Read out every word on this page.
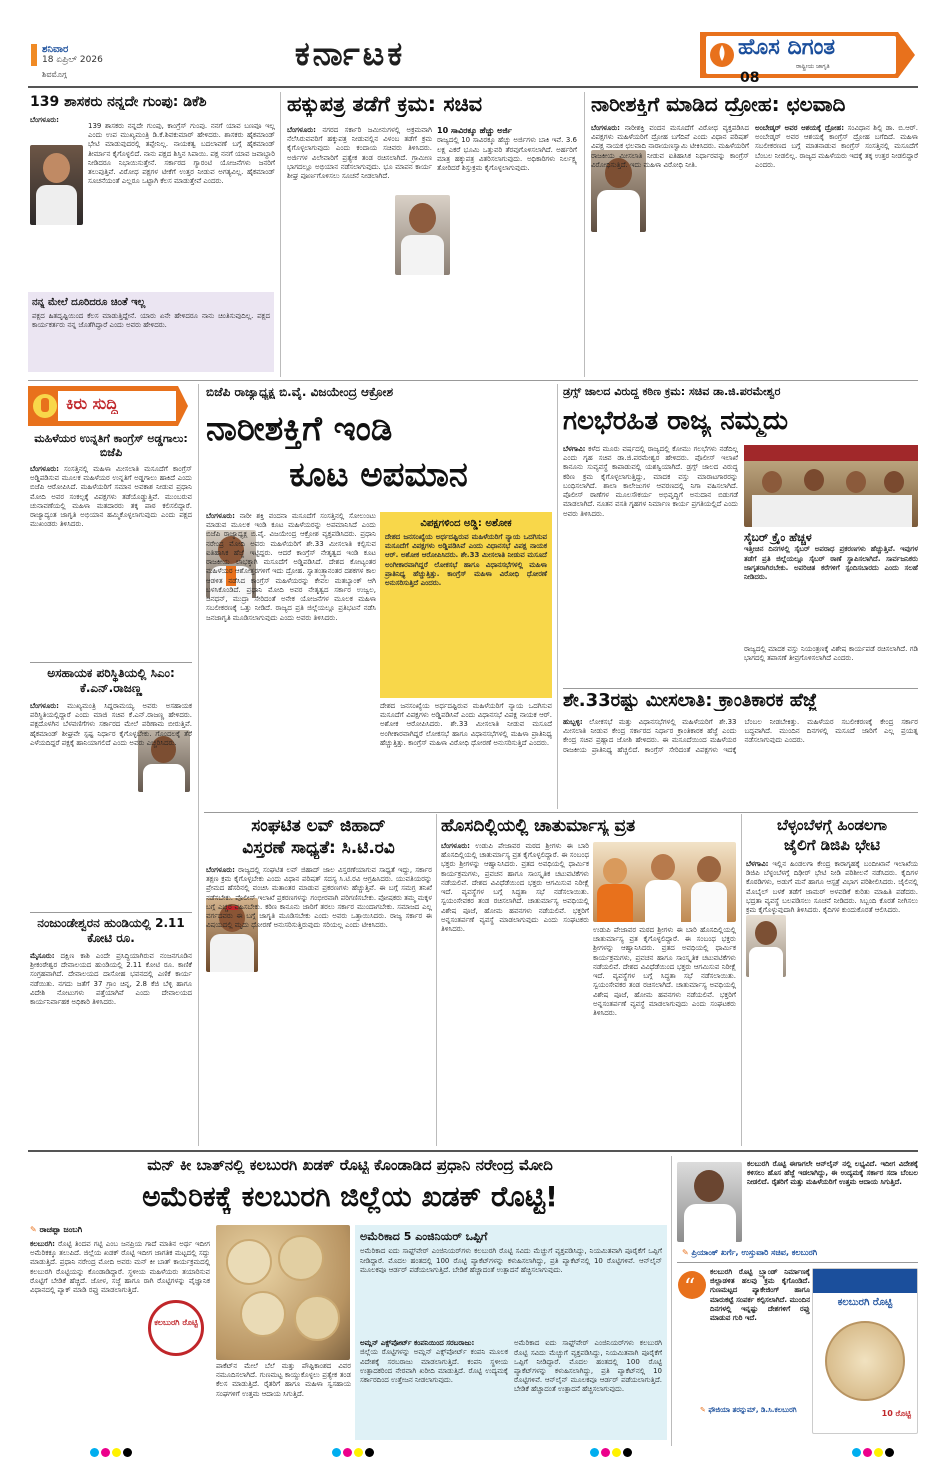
ಶನಿವಾರ
18 ಏಪ್ರಿಲ್ 2026
ಶಿವಮೊಗ್ಗ
ಕರ್ನಾಟಕ	ಹೊಸ ದಿಗಂತ
ರಾಷ್ಟ್ರೀಯ ಜಾಗೃತಿ
08
139 ಶಾಸಕರು ನನ್ನದೇ ಗುಂಪು: ಡಿಕೆಶಿ
ಬೆಂಗಳೂರು:
139 ಶಾಸಕರು ನನ್ನದೇ ಗುಂಪು, ಕಾಂಗ್ರೆಸ್ ಗುಂಪು. ನನಗೆ ಯಾವ ಬಣವೂ ಇಲ್ಲ ಎಂದು ಉಪ ಮುಖ್ಯಮಂತ್ರಿ ಡಿ.ಕೆ.ಶಿವಕುಮಾರ್ ಹೇಳಿದರು. ಶಾಸಕರು ಹೈಕಮಾಂಡ್ ಭೇಟಿ ಮಾಡುವುದರಲ್ಲಿ ತಪ್ಪೇನಿಲ್ಲ. ನಾಯಕತ್ವ ಬದಲಾವಣೆ ಬಗ್ಗೆ ಹೈಕಮಾಂಡ್ ತೀರ್ಮಾನ ಕೈಗೊಳ್ಳಲಿದೆ. ನಾನು ಪಕ್ಷದ ಶಿಸ್ತಿನ ಸಿಪಾಯಿ. ಪಕ್ಷ ನನಗೆ ಯಾವ ಜವಾಬ್ದಾರಿ ನೀಡಿದರೂ ನಿಭಾಯಿಸುತ್ತೇನೆ. ಸರ್ಕಾರದ ಗ್ಯಾರಂಟಿ ಯೋಜನೆಗಳು ಜನರಿಗೆ ತಲುಪುತ್ತಿವೆ. ವಿರೋಧ ಪಕ್ಷಗಳ ಟೀಕೆಗೆ ಉತ್ತರ ನೀಡುವ ಅಗತ್ಯವಿಲ್ಲ. ಹೈಕಮಾಂಡ್ ಸೂಚನೆಯಂತೆ ಎಲ್ಲರೂ ಒಟ್ಟಾಗಿ ಕೆಲಸ ಮಾಡುತ್ತೇವೆ ಎಂದರು.
ನನ್ನ ಮೇಲೆ ದೂರಿದರೂ ಚಿಂತೆ ಇಲ್ಲ
ಪಕ್ಷದ ಹಿತದೃಷ್ಟಿಯಿಂದ ಕೆಲಸ ಮಾಡುತ್ತಿದ್ದೇನೆ. ಯಾರು ಏನೇ ಹೇಳಿದರೂ ನಾನು ಚಿಂತಿಸುವುದಿಲ್ಲ. ಪಕ್ಷದ ಕಾರ್ಯಕರ್ತರು ನನ್ನ ಜೊತೆಗಿದ್ದಾರೆ ಎಂದು ಅವರು ಹೇಳಿದರು.
ಹಕ್ಕುಪತ್ರ ತಡೆಗೆ ಕ್ರಮ: ಸಚಿವ
ಬೆಂಗಳೂರು: ನಗರದ ಸರ್ಕಾರಿ ಜಮೀನುಗಳಲ್ಲಿ ಅಕ್ರಮವಾಗಿ ನೆಲೆಸಿರುವವರಿಗೆ ಹಕ್ಕುಪತ್ರ ನೀಡುವಲ್ಲಿನ ವಿಳಂಬ ತಡೆಗೆ ಕ್ರಮ ಕೈಗೊಳ್ಳಲಾಗುವುದು ಎಂದು ಕಂದಾಯ ಸಚಿವರು ತಿಳಿಸಿದರು. ಅರ್ಜಿಗಳ ವಿಲೇವಾರಿಗೆ ಪ್ರತ್ಯೇಕ ತಂಡ ರಚಿಸಲಾಗಿದೆ. ಗ್ರಾಮೀಣ ಭಾಗದಲ್ಲೂ ಅಭಿಯಾನ ನಡೆಸಲಾಗುವುದು. ಭೂ ಮಾಪನ ಕಾರ್ಯ ಶೀಘ್ರ ಪೂರ್ಣಗೊಳಿಸಲು ಸೂಚನೆ ನೀಡಲಾಗಿದೆ.
10 ಸಾವಿರಕ್ಕೂ ಹೆಚ್ಚು ಅರ್ಜಿ
ರಾಜ್ಯದಲ್ಲಿ 10 ಸಾವಿರಕ್ಕೂ ಹೆಚ್ಚು ಅರ್ಜಿಗಳು ಬಾಕಿ ಇವೆ. 3.6 ಲಕ್ಷ ಎಕರೆ ಭೂಮಿ ಒತ್ತುವರಿ ತೆರವುಗೊಳಿಸಲಾಗಿದೆ. ಅರ್ಹರಿಗೆ ಮಾತ್ರ ಹಕ್ಕುಪತ್ರ ವಿತರಿಸಲಾಗುವುದು. ಅಧಿಕಾರಿಗಳು ನಿರ್ಲಕ್ಷ್ಯ ತೋರಿದರೆ ಶಿಸ್ತುಕ್ರಮ ಕೈಗೊಳ್ಳಲಾಗುವುದು.
ನಾರೀಶಕ್ತಿಗೆ ಮಾಡಿದ ದ್ರೋಹ: ಛಲವಾದಿ
ಬೆಂಗಳೂರು: ನಾರೀಶಕ್ತಿ ವಂದನ ಮಸೂದೆಗೆ ವಿರೋಧ ವ್ಯಕ್ತಪಡಿಸಿದ ವಿಪಕ್ಷಗಳು ಮಹಿಳೆಯರಿಗೆ ದ್ರೋಹ ಬಗೆದಿವೆ ಎಂದು ವಿಧಾನ ಪರಿಷತ್ ವಿಪಕ್ಷ ನಾಯಕ ಛಲವಾದಿ ನಾರಾಯಣಸ್ವಾಮಿ ಟೀಕಿಸಿದರು. ಮಹಿಳೆಯರಿಗೆ ರಾಜಕೀಯ ಮೀಸಲಾತಿ ನೀಡುವ ಐತಿಹಾಸಿಕ ನಿರ್ಧಾರವನ್ನು ಕಾಂಗ್ರೆಸ್ ವಿರೋಧಿಸುತ್ತಿದೆ. ಇದು ಮಹಿಳಾ ವಿರೋಧಿ ನೀತಿ.
ಅಂಬೇಡ್ಕರ್ ಅವರ ಆಶಯಕ್ಕೆ ದ್ರೋಹ: ಸಂವಿಧಾನ ಶಿಲ್ಪಿ ಡಾ. ಬಿ.ಆರ್. ಅಂಬೇಡ್ಕರ್ ಅವರ ಆಶಯಕ್ಕೆ ಕಾಂಗ್ರೆಸ್ ದ್ರೋಹ ಬಗೆದಿದೆ. ಮಹಿಳಾ ಸಬಲೀಕರಣದ ಬಗ್ಗೆ ಮಾತನಾಡುವ ಕಾಂಗ್ರೆಸ್ ಸಂಸತ್ತಿನಲ್ಲಿ ಮಸೂದೆಗೆ ಬೆಂಬಲ ನೀಡಲಿಲ್ಲ. ರಾಜ್ಯದ ಮಹಿಳೆಯರು ಇದಕ್ಕೆ ತಕ್ಕ ಉತ್ತರ ನೀಡಲಿದ್ದಾರೆ ಎಂದರು.
ಕಿರು ಸುದ್ದಿ
ಮಹಿಳೆಯರ ಉನ್ನತಿಗೆ ಕಾಂಗ್ರೆಸ್ ಅಡ್ಡಗಾಲು: ಬಿಜೆಪಿ
ಬೆಂಗಳೂರು: ಸಂಸತ್ತಿನಲ್ಲಿ ಮಹಿಳಾ ಮೀಸಲಾತಿ ಮಸೂದೆಗೆ ಕಾಂಗ್ರೆಸ್ ಅಡ್ಡಿಪಡಿಸುವ ಮೂಲಕ ಮಹಿಳೆಯರ ಉನ್ನತಿಗೆ ಅಡ್ಡಗಾಲು ಹಾಕಿದೆ ಎಂದು ಬಿಜೆಪಿ ಆರೋಪಿಸಿದೆ. ಮಹಿಳೆಯರಿಗೆ ಸಮಾನ ಅವಕಾಶ ನೀಡುವ ಪ್ರಧಾನಿ ಮೋದಿ ಅವರ ಸಂಕಲ್ಪಕ್ಕೆ ವಿಪಕ್ಷಗಳು ತಡೆಯೊಡ್ಡುತ್ತಿವೆ. ಮುಂಬರುವ ಚುನಾವಣೆಯಲ್ಲಿ ಮಹಿಳಾ ಮತದಾರರು ತಕ್ಕ ಪಾಠ ಕಲಿಸಲಿದ್ದಾರೆ. ರಾಜ್ಯಾದ್ಯಂತ ಜಾಗೃತಿ ಅಭಿಯಾನ ಹಮ್ಮಿಕೊಳ್ಳಲಾಗುವುದು ಎಂದು ಪಕ್ಷದ ಮುಖಂಡರು ತಿಳಿಸಿದರು.
ಅಸಹಾಯಕ ಪರಿಸ್ಥಿತಿಯಲ್ಲಿ ಸಿಎಂ: ಕೆ.ಎನ್.ರಾಜಣ್ಣ
ಬೆಂಗಳೂರು: ಮುಖ್ಯಮಂತ್ರಿ ಸಿದ್ದರಾಮಯ್ಯ ಅವರು ಅಸಹಾಯಕ ಪರಿಸ್ಥಿತಿಯಲ್ಲಿದ್ದಾರೆ ಎಂದು ಮಾಜಿ ಸಚಿವ ಕೆ.ಎನ್.ರಾಜಣ್ಣ ಹೇಳಿದರು. ಪಕ್ಷದೊಳಗಿನ ಬೆಳವಣಿಗೆಗಳು ಸರ್ಕಾರದ ಮೇಲೆ ಪರಿಣಾಮ ಬೀರುತ್ತಿವೆ. ಹೈಕಮಾಂಡ್ ಶೀಘ್ರವೇ ಸ್ಪಷ್ಟ ನಿರ್ಧಾರ ಕೈಗೊಳ್ಳಬೇಕು. ಗೊಂದಲಕ್ಕೆ ತೆರೆ ಎಳೆಯದಿದ್ದರೆ ಪಕ್ಷಕ್ಕೆ ಹಾನಿಯಾಗಲಿದೆ ಎಂದು ಅವರು ಎಚ್ಚರಿಸಿದರು.
ನಂಜುಂಡೇಶ್ವರನ ಹುಂಡಿಯಲ್ಲಿ 2.11 ಕೋಟಿ ರೂ.
ಮೈಸೂರು: ದಕ್ಷಿಣ ಕಾಶಿ ಎಂದೇ ಪ್ರಸಿದ್ಧಿಯಾಗಿರುವ ನಂಜನಗೂಡಿನ ಶ್ರೀಕಂಠೇಶ್ವರ ದೇವಾಲಯದ ಹುಂಡಿಯಲ್ಲಿ 2.11 ಕೋಟಿ ರೂ. ಕಾಣಿಕೆ ಸಂಗ್ರಹವಾಗಿದೆ. ದೇವಾಲಯದ ದಾಸೋಹ ಭವನದಲ್ಲಿ ಎಣಿಕೆ ಕಾರ್ಯ ನಡೆಯಿತು. ನಗದು ಜತೆಗೆ 37 ಗ್ರಾಂ ಚಿನ್ನ, 2.8 ಕೆಜಿ ಬೆಳ್ಳಿ ಹಾಗೂ ವಿದೇಶಿ ನೋಟುಗಳು ಪತ್ತೆಯಾಗಿವೆ ಎಂದು ದೇವಾಲಯದ ಕಾರ್ಯನಿರ್ವಾಹಕ ಅಧಿಕಾರಿ ತಿಳಿಸಿದರು.
ಬಿಜೆಪಿ ರಾಜ್ಯಾಧ್ಯಕ್ಷ ಬಿ.ವೈ. ವಿಜಯೇಂದ್ರ ಆಕ್ರೋಶ
ನಾರೀಶಕ್ತಿಗೆ ಇಂಡಿ
ಕೂಟ ಅಪಮಾನ
ಬೆಂಗಳೂರು: ನಾರೀ ಶಕ್ತಿ ವಂದನಾ ಮಸೂದೆಗೆ ಸಂಸತ್ತಿನಲ್ಲಿ ಸೋಲುಂಟು ಮಾಡುವ ಮೂಲಕ ಇಂಡಿ ಕೂಟ ಮಹಿಳೆಯರನ್ನು ಅಪಮಾನಿಸಿದೆ ಎಂದು ಬಿಜೆಪಿ ರಾಜ್ಯಾಧ್ಯಕ್ಷ ಬಿ.ವೈ. ವಿಜಯೇಂದ್ರ ಆಕ್ರೋಶ ವ್ಯಕ್ತಪಡಿಸಿದರು. ಪ್ರಧಾನಿ ನರೇಂದ್ರ ಮೋದಿ ಅವರು ಮಹಿಳೆಯರಿಗೆ ಶೇ.33 ಮೀಸಲಾತಿ ಕಲ್ಪಿಸುವ ಐತಿಹಾಸಿಕ ಹೆಜ್ಜೆ ಇಟ್ಟಿದ್ದರು. ಆದರೆ ಕಾಂಗ್ರೆಸ್ ನೇತೃತ್ವದ ಇಂಡಿ ಕೂಟ ರಾಜಕೀಯ ಲಾಭಕ್ಕಾಗಿ ಮಸೂದೆಗೆ ಅಡ್ಡಿಪಡಿಸಿದೆ. ದೇಶದ ಕೋಟ್ಯಂತರ ಮಹಿಳೆಯರ ಆಶೋತ್ತರಗಳಿಗೆ ಇದು ದ್ರೋಹ. ಸ್ವಾತಂತ್ರ್ಯಾನಂತರ ದಶಕಗಳ ಕಾಲ ಆಡಳಿತ ನಡೆಸಿದ ಕಾಂಗ್ರೆಸ್ ಮಹಿಳೆಯರನ್ನು ಕೇವಲ ಮತಬ್ಯಾಂಕ್ ಆಗಿ ಬಳಸಿಕೊಂಡಿದೆ. ಪ್ರಧಾನಿ ಮೋದಿ ಅವರ ನೇತೃತ್ವದ ಸರ್ಕಾರ ಉಜ್ವಲ, ಜನಧನ್, ಮುದ್ರಾ ಸೇರಿದಂತೆ ಅನೇಕ ಯೋಜನೆಗಳ ಮೂಲಕ ಮಹಿಳಾ ಸಬಲೀಕರಣಕ್ಕೆ ಒತ್ತು ನೀಡಿದೆ. ರಾಜ್ಯದ ಪ್ರತಿ ಜಿಲ್ಲೆಯಲ್ಲೂ ಪ್ರತಿಭಟನೆ ನಡೆಸಿ ಜನಜಾಗೃತಿ ಮೂಡಿಸಲಾಗುವುದು ಎಂದು ಅವರು ತಿಳಿಸಿದರು.
ವಿಪಕ್ಷಗಳಿಂದ ಅಡ್ಡಿ: ಅಶೋಕ
ದೇಶದ ಜನಸಂಖ್ಯೆಯ ಅರ್ಧದಷ್ಟಿರುವ ಮಹಿಳೆಯರಿಗೆ ನ್ಯಾಯ ಒದಗಿಸುವ ಮಸೂದೆಗೆ ವಿಪಕ್ಷಗಳು ಅಡ್ಡಿಪಡಿಸಿವೆ ಎಂದು ವಿಧಾನಸಭೆ ವಿಪಕ್ಷ ನಾಯಕ ಆರ್. ಅಶೋಕ ಆರೋಪಿಸಿದರು. ಶೇ.33 ಮೀಸಲಾತಿ ನೀಡುವ ಮಸೂದೆ ಅಂಗೀಕಾರವಾಗಿದ್ದರೆ ಲೋಕಸಭೆ ಹಾಗೂ ವಿಧಾನಸಭೆಗಳಲ್ಲಿ ಮಹಿಳಾ ಪ್ರಾತಿನಿಧ್ಯ ಹೆಚ್ಚುತ್ತಿತ್ತು. ಕಾಂಗ್ರೆಸ್ ಮಹಿಳಾ ವಿರೋಧಿ ಧೋರಣೆ ಅನುಸರಿಸುತ್ತಿದೆ ಎಂದರು.
ದೇಶದ ಜನಸಂಖ್ಯೆಯ ಅರ್ಧದಷ್ಟಿರುವ ಮಹಿಳೆಯರಿಗೆ ನ್ಯಾಯ ಒದಗಿಸುವ ಮಸೂದೆಗೆ ವಿಪಕ್ಷಗಳು ಅಡ್ಡಿಪಡಿಸಿವೆ ಎಂದು ವಿಧಾನಸಭೆ ವಿಪಕ್ಷ ನಾಯಕ ಆರ್. ಅಶೋಕ ಆರೋಪಿಸಿದರು. ಶೇ.33 ಮೀಸಲಾತಿ ನೀಡುವ ಮಸೂದೆ ಅಂಗೀಕಾರವಾಗಿದ್ದರೆ ಲೋಕಸಭೆ ಹಾಗೂ ವಿಧಾನಸಭೆಗಳಲ್ಲಿ ಮಹಿಳಾ ಪ್ರಾತಿನಿಧ್ಯ ಹೆಚ್ಚುತ್ತಿತ್ತು. ಕಾಂಗ್ರೆಸ್ ಮಹಿಳಾ ವಿರೋಧಿ ಧೋರಣೆ ಅನುಸರಿಸುತ್ತಿದೆ ಎಂದರು.
ಡ್ರಗ್ಸ್ ಜಾಲದ ವಿರುದ್ಧ ಕಠಿಣ ಕ್ರಮ: ಸಚಿವ ಡಾ.ಜಿ.ಪರಮೇಶ್ವರ
ಗಲಭೆರಹಿತ ರಾಜ್ಯ ನಮ್ಮದು
ಬೆಳಗಾವಿ: ಕಳೆದ ಮೂರು ವರ್ಷದಲ್ಲಿ ರಾಜ್ಯದಲ್ಲಿ ಕೋಮು ಗಲಭೆಗಳು ನಡೆದಿಲ್ಲ ಎಂದು ಗೃಹ ಸಚಿವ ಡಾ.ಜಿ.ಪರಮೇಶ್ವರ ಹೇಳಿದರು. ಪೊಲೀಸ್ ಇಲಾಖೆ ಕಾನೂನು ಸುವ್ಯವಸ್ಥೆ ಕಾಪಾಡುವಲ್ಲಿ ಯಶಸ್ವಿಯಾಗಿದೆ. ಡ್ರಗ್ಸ್ ಜಾಲದ ವಿರುದ್ಧ ಕಠಿಣ ಕ್ರಮ ಕೈಗೊಳ್ಳಲಾಗುತ್ತಿದ್ದು, ಮಾದಕ ವಸ್ತು ಮಾರಾಟಗಾರರನ್ನು ಬಂಧಿಸಲಾಗಿದೆ. ಶಾಲಾ ಕಾಲೇಜುಗಳ ಆವರಣದಲ್ಲಿ ನಿಗಾ ವಹಿಸಲಾಗಿದೆ. ಪೊಲೀಸ್ ಠಾಣೆಗಳ ಮೂಲಸೌಕರ್ಯ ಅಭಿವೃದ್ಧಿಗೆ ಅನುದಾನ ಬಿಡುಗಡೆ ಮಾಡಲಾಗಿದೆ. ನೂತನ ವಸತಿ ಗೃಹಗಳ ನಿರ್ಮಾಣ ಕಾರ್ಯ ಪ್ರಗತಿಯಲ್ಲಿದೆ ಎಂದು ಅವರು ತಿಳಿಸಿದರು.
ಸೈಬರ್ ಕ್ರೈಂ ಹೆಚ್ಚಳ
ಇತ್ತೀಚಿನ ದಿನಗಳಲ್ಲಿ ಸೈಬರ್ ಅಪರಾಧ ಪ್ರಕರಣಗಳು ಹೆಚ್ಚುತ್ತಿವೆ. ಇವುಗಳ ತಡೆಗೆ ಪ್ರತಿ ಜಿಲ್ಲೆಯಲ್ಲೂ ಸೈಬರ್ ಠಾಣೆ ಸ್ಥಾಪಿಸಲಾಗಿದೆ. ಸಾರ್ವಜನಿಕರು ಜಾಗೃತರಾಗಿರಬೇಕು. ಅಪರಿಚಿತ ಕರೆಗಳಿಗೆ ಸ್ಪಂದಿಸಬಾರದು ಎಂದು ಸಲಹೆ ನೀಡಿದರು.
ರಾಜ್ಯದಲ್ಲಿ ಮಾದಕ ವಸ್ತು ನಿಯಂತ್ರಣಕ್ಕೆ ವಿಶೇಷ ಕಾರ್ಯಪಡೆ ರಚಿಸಲಾಗಿದೆ. ಗಡಿ ಭಾಗದಲ್ಲಿ ತಪಾಸಣೆ ತೀವ್ರಗೊಳಿಸಲಾಗಿದೆ ಎಂದರು.
ಶೇ.33ರಷ್ಟು ಮೀಸಲಾತಿ: ಕ್ರಾಂತಿಕಾರಕ ಹೆಜ್ಜೆ
ಹುಬ್ಬಳ್ಳಿ: ಲೋಕಸಭೆ ಮತ್ತು ವಿಧಾನಸಭೆಗಳಲ್ಲಿ ಮಹಿಳೆಯರಿಗೆ ಶೇ.33 ಮೀಸಲಾತಿ ನೀಡುವ ಕೇಂದ್ರ ಸರ್ಕಾರದ ನಿರ್ಧಾರ ಕ್ರಾಂತಿಕಾರಕ ಹೆಜ್ಜೆ ಎಂದು ಕೇಂದ್ರ ಸಚಿವ ಪ್ರಹ್ಲಾದ ಜೋಶಿ ಹೇಳಿದರು. ಈ ಮಸೂದೆಯಿಂದ ಮಹಿಳೆಯರ ರಾಜಕೀಯ ಪ್ರಾತಿನಿಧ್ಯ ಹೆಚ್ಚಲಿದೆ. ಕಾಂಗ್ರೆಸ್ ಸೇರಿದಂತೆ ವಿಪಕ್ಷಗಳು ಇದಕ್ಕೆ ಬೆಂಬಲ ನೀಡಬೇಕಿತ್ತು. ಮಹಿಳೆಯರ ಸಬಲೀಕರಣಕ್ಕೆ ಕೇಂದ್ರ ಸರ್ಕಾರ ಬದ್ಧವಾಗಿದೆ. ಮುಂದಿನ ದಿನಗಳಲ್ಲಿ ಮಸೂದೆ ಜಾರಿಗೆ ಎಲ್ಲ ಪ್ರಯತ್ನ ನಡೆಸಲಾಗುವುದು ಎಂದರು.
ಸಂಘಟಿತ ಲವ್ ಜಿಹಾದ್
ವಿಸ್ತರಣೆ ಸಾಧ್ಯತೆ: ಸಿ.ಟಿ.ರವಿ
ಬೆಂಗಳೂರು: ರಾಜ್ಯದಲ್ಲಿ ಸಂಘಟಿತ ಲವ್ ಜಿಹಾದ್ ಜಾಲ ವಿಸ್ತರಣೆಯಾಗುವ ಸಾಧ್ಯತೆ ಇದ್ದು, ಸರ್ಕಾರ ತಕ್ಷಣ ಕ್ರಮ ಕೈಗೊಳ್ಳಬೇಕು ಎಂದು ವಿಧಾನ ಪರಿಷತ್ ಸದಸ್ಯ ಸಿ.ಟಿ.ರವಿ ಆಗ್ರಹಿಸಿದರು. ಯುವತಿಯರನ್ನು ಪ್ರೇಮದ ಹೆಸರಿನಲ್ಲಿ ವಂಚಿಸಿ ಮತಾಂತರ ಮಾಡುವ ಪ್ರಕರಣಗಳು ಹೆಚ್ಚುತ್ತಿವೆ. ಈ ಬಗ್ಗೆ ಸಮಗ್ರ ತನಿಖೆ ನಡೆಸಬೇಕು. ಪೊಲೀಸ್ ಇಲಾಖೆ ಪ್ರಕರಣಗಳನ್ನು ಗಂಭೀರವಾಗಿ ಪರಿಗಣಿಸಬೇಕು. ಪೋಷಕರು ತಮ್ಮ ಮಕ್ಕಳ ಬಗ್ಗೆ ಎಚ್ಚರ ವಹಿಸಬೇಕು. ಕಠಿಣ ಕಾನೂನು ಜಾರಿಗೆ ತರಲು ಸರ್ಕಾರ ಮುಂದಾಗಬೇಕು. ಸಮಾಜದ ಎಲ್ಲ ವರ್ಗದವರು ಈ ಬಗ್ಗೆ ಜಾಗೃತಿ ಮೂಡಿಸಬೇಕು ಎಂದು ಅವರು ಒತ್ತಾಯಿಸಿದರು. ರಾಜ್ಯ ಸರ್ಕಾರ ಈ ವಿಷಯದಲ್ಲಿ ಮೃದು ಧೋರಣೆ ಅನುಸರಿಸುತ್ತಿರುವುದು ಸರಿಯಲ್ಲ ಎಂದು ಟೀಕಿಸಿದರು.
ಹೊಸದಿಲ್ಲಿಯಲ್ಲಿ ಚಾತುರ್ಮಾಸ್ಯ ವ್ರತ
ಬೆಂಗಳೂರು: ಉಡುಪಿ ಪೇಜಾವರ ಮಠದ ಶ್ರೀಗಳು ಈ ಬಾರಿ ಹೊಸದಿಲ್ಲಿಯಲ್ಲಿ ಚಾತುರ್ಮಾಸ್ಯ ವ್ರತ ಕೈಗೊಳ್ಳಲಿದ್ದಾರೆ. ಈ ಸಂಬಂಧ ಭಕ್ತರು ಶ್ರೀಗಳನ್ನು ಆಹ್ವಾನಿಸಿದರು. ವ್ರತದ ಅವಧಿಯಲ್ಲಿ ಧಾರ್ಮಿಕ ಕಾರ್ಯಕ್ರಮಗಳು, ಪ್ರವಚನ ಹಾಗೂ ಸಾಂಸ್ಕೃತಿಕ ಚಟುವಟಿಕೆಗಳು ನಡೆಯಲಿವೆ. ದೇಶದ ವಿವಿಧೆಡೆಯಿಂದ ಭಕ್ತರು ಆಗಮಿಸುವ ನಿರೀಕ್ಷೆ ಇದೆ. ವ್ಯವಸ್ಥೆಗಳ ಬಗ್ಗೆ ಸಿದ್ಧತಾ ಸಭೆ ನಡೆಸಲಾಯಿತು. ಸ್ವಯಂಸೇವಕರ ತಂಡ ರಚಿಸಲಾಗಿದೆ. ಚಾತುರ್ಮಾಸ್ಯ ಅವಧಿಯಲ್ಲಿ ವಿಶೇಷ ಪೂಜೆ, ಹೋಮ ಹವನಗಳು ನಡೆಯಲಿವೆ. ಭಕ್ತರಿಗೆ ಅನ್ನಸಂತರ್ಪಣೆ ವ್ಯವಸ್ಥೆ ಮಾಡಲಾಗುವುದು ಎಂದು ಸಂಘಟಕರು ತಿಳಿಸಿದರು.	ಉಡುಪಿ ಪೇಜಾವರ ಮಠದ ಶ್ರೀಗಳು ಈ ಬಾರಿ ಹೊಸದಿಲ್ಲಿಯಲ್ಲಿ ಚಾತುರ್ಮಾಸ್ಯ ವ್ರತ ಕೈಗೊಳ್ಳಲಿದ್ದಾರೆ. ಈ ಸಂಬಂಧ ಭಕ್ತರು ಶ್ರೀಗಳನ್ನು ಆಹ್ವಾನಿಸಿದರು. ವ್ರತದ ಅವಧಿಯಲ್ಲಿ ಧಾರ್ಮಿಕ ಕಾರ್ಯಕ್ರಮಗಳು, ಪ್ರವಚನ ಹಾಗೂ ಸಾಂಸ್ಕೃತಿಕ ಚಟುವಟಿಕೆಗಳು ನಡೆಯಲಿವೆ. ದೇಶದ ವಿವಿಧೆಡೆಯಿಂದ ಭಕ್ತರು ಆಗಮಿಸುವ ನಿರೀಕ್ಷೆ ಇದೆ. ವ್ಯವಸ್ಥೆಗಳ ಬಗ್ಗೆ ಸಿದ್ಧತಾ ಸಭೆ ನಡೆಸಲಾಯಿತು. ಸ್ವಯಂಸೇವಕರ ತಂಡ ರಚಿಸಲಾಗಿದೆ. ಚಾತುರ್ಮಾಸ್ಯ ಅವಧಿಯಲ್ಲಿ ವಿಶೇಷ ಪೂಜೆ, ಹೋಮ ಹವನಗಳು ನಡೆಯಲಿವೆ. ಭಕ್ತರಿಗೆ ಅನ್ನಸಂತರ್ಪಣೆ ವ್ಯವಸ್ಥೆ ಮಾಡಲಾಗುವುದು ಎಂದು ಸಂಘಟಕರು ತಿಳಿಸಿದರು.
ಬೆಳ್ಳಂಬೆಳಗ್ಗೆ ಹಿಂಡಲಗಾ
ಜೈಲಿಗೆ ಡಿಜಿಪಿ ಭೇಟಿ
ಬೆಳಗಾವಿ: ಇಲ್ಲಿನ ಹಿಂಡಲಗಾ ಕೇಂದ್ರ ಕಾರಾಗೃಹಕ್ಕೆ ಬಂದೀಖಾನೆ ಇಲಾಖೆಯ ಡಿಜಿಪಿ ಬೆಳ್ಳಂಬೆಳಗ್ಗೆ ದಿಢೀರ್ ಭೇಟಿ ನೀಡಿ ಪರಿಶೀಲನೆ ನಡೆಸಿದರು. ಕೈದಿಗಳ ಕೊಠಡಿಗಳು, ಅಡುಗೆ ಮನೆ ಹಾಗೂ ಆಸ್ಪತ್ರೆ ವಿಭಾಗ ಪರಿಶೀಲಿಸಿದರು. ಜೈಲಿನಲ್ಲಿ ಮೊಬೈಲ್ ಬಳಕೆ ತಡೆಗೆ ಜಾಮರ್ ಅಳವಡಿಕೆ ಕುರಿತು ಮಾಹಿತಿ ಪಡೆದರು. ಭದ್ರತಾ ವ್ಯವಸ್ಥೆ ಬಲಪಡಿಸಲು ಸೂಚನೆ ನೀಡಿದರು. ಸಿಬ್ಬಂದಿ ಕೊರತೆ ನೀಗಿಸಲು ಕ್ರಮ ಕೈಗೊಳ್ಳುವುದಾಗಿ ತಿಳಿಸಿದರು. ಕೈದಿಗಳ ಕುಂದುಕೊರತೆ ಆಲಿಸಿದರು.
ಮನ್ ಕೀ ಬಾತ್‌ನಲ್ಲಿ ಕಲಬುರಗಿ ಖಡಕ್ ರೊಟ್ಟಿ ಕೊಂಡಾಡಿದ ಪ್ರಧಾನಿ ನರೇಂದ್ರ ಮೋದಿ
ಅಮೆರಿಕಕ್ಕೆ ಕಲಬುರಗಿ ಜಿಲ್ಲೆಯ ಖಡಕ್ ರೊಟ್ಟಿ!
✎ ರಾಚಪ್ಪಾ ಜಂಬಗಿ
ಕಲಬುರಗಿ: ರೊಟ್ಟಿ ತಿಂದವ ಗಟ್ಟಿ ಎಂಬ ಜನಪ್ರಿಯ ಗಾದೆ ಮಾತಿನ ಅರ್ಥ ಇದೀಗ ಅಮೆರಿಕಕ್ಕೂ ತಲುಪಿದೆ. ಜಿಲ್ಲೆಯ ಖಡಕ್ ರೊಟ್ಟಿ ಇದೀಗ ಜಾಗತಿಕ ಮಟ್ಟದಲ್ಲಿ ಸದ್ದು ಮಾಡುತ್ತಿದೆ. ಪ್ರಧಾನಿ ನರೇಂದ್ರ ಮೋದಿ ಅವರು ಮನ್ ಕೀ ಬಾತ್ ಕಾರ್ಯಕ್ರಮದಲ್ಲಿ ಕಲಬುರಗಿ ರೊಟ್ಟಿಯನ್ನು ಕೊಂಡಾಡಿದ್ದಾರೆ. ಸ್ಥಳೀಯ ಮಹಿಳೆಯರು ತಯಾರಿಸುವ ರೊಟ್ಟಿಗೆ ಬೇಡಿಕೆ ಹೆಚ್ಚಿದೆ. ಜೋಳ, ಸಜ್ಜೆ ಹಾಗೂ ರಾಗಿ ರೊಟ್ಟಿಗಳನ್ನು ವೈಜ್ಞಾನಿಕ ವಿಧಾನದಲ್ಲಿ ಪ್ಯಾಕ್ ಮಾಡಿ ರಫ್ತು ಮಾಡಲಾಗುತ್ತಿದೆ.
ಕಲಬುರಗಿ ರೊಟ್ಟಿ
ಪಾಕೆಟ್‌ನ ಮೇಲೆ ಬೆಲೆ ಮತ್ತು ಪೌಷ್ಟಿಕಾಂಶದ ವಿವರ ನಮೂದಿಸಲಾಗಿದೆ. ಗುಣಮಟ್ಟ ಕಾಯ್ದುಕೊಳ್ಳಲು ಪ್ರತ್ಯೇಕ ತಂಡ ಕೆಲಸ ಮಾಡುತ್ತಿದೆ. ರೈತರಿಗೆ ಹಾಗೂ ಮಹಿಳಾ ಸ್ವಸಹಾಯ ಸಂಘಗಳಿಗೆ ಉತ್ತಮ ಆದಾಯ ಸಿಗುತ್ತಿದೆ.
ಅಮೆರಿಕಾದ 5 ಎಂಜಿನಿಯರ್ ಒಪ್ಪಿಗೆ
ಅಮೆರಿಕಾದ ಐದು ಸಾಫ್ಟ್‌ವೇರ್ ಎಂಜಿನಿಯರ್‌ಗಳು ಕಲಬುರಗಿ ರೊಟ್ಟಿ ಸವಿದು ಮೆಚ್ಚುಗೆ ವ್ಯಕ್ತಪಡಿಸಿದ್ದು, ನಿಯಮಿತವಾಗಿ ಪೂರೈಕೆಗೆ ಒಪ್ಪಿಗೆ ನೀಡಿದ್ದಾರೆ. ಮೊದಲ ಹಂತದಲ್ಲಿ 100 ರೊಟ್ಟಿ ಪ್ಯಾಕೆಟ್‌ಗಳನ್ನು ಕಳುಹಿಸಲಾಗಿದ್ದು, ಪ್ರತಿ ಪ್ಯಾಕೆಟ್‌ನಲ್ಲಿ 10 ರೊಟ್ಟಿಗಳಿವೆ. ಆನ್‌ಲೈನ್ ಮೂಲಕವೂ ಆರ್ಡರ್ ಪಡೆಯಲಾಗುತ್ತಿದೆ. ಬೇಡಿಕೆ ಹೆಚ್ಚಾದಂತೆ ಉತ್ಪಾದನೆ ಹೆಚ್ಚಿಸಲಾಗುವುದು.
ಅಮ್ಲನ್ ಎಕ್ಸ್‌ಪೋರ್ಟ್ ಕಂಪನಿಯಿಂದ ಸರಬರಾಜು:
ಜಿಲ್ಲೆಯ ರೊಟ್ಟಿಗಳನ್ನು ಅಮ್ಲನ್ ಎಕ್ಸ್‌ಪೋರ್ಟ್ ಕಂಪನಿ ಮೂಲಕ ವಿದೇಶಕ್ಕೆ ಸರಬರಾಜು ಮಾಡಲಾಗುತ್ತಿದೆ. ಕಂಪನಿ ಸ್ಥಳೀಯ ಉತ್ಪಾದಕರಿಂದ ನೇರವಾಗಿ ಖರೀದಿ ಮಾಡುತ್ತಿದೆ. ರೊಟ್ಟಿ ಉದ್ಯಮಕ್ಕೆ ಸರ್ಕಾರದಿಂದ ಉತ್ತೇಜನ ನೀಡಲಾಗುವುದು.
ಅಮೆರಿಕಾದ ಐದು ಸಾಫ್ಟ್‌ವೇರ್ ಎಂಜಿನಿಯರ್‌ಗಳು ಕಲಬುರಗಿ ರೊಟ್ಟಿ ಸವಿದು ಮೆಚ್ಚುಗೆ ವ್ಯಕ್ತಪಡಿಸಿದ್ದು, ನಿಯಮಿತವಾಗಿ ಪೂರೈಕೆಗೆ ಒಪ್ಪಿಗೆ ನೀಡಿದ್ದಾರೆ. ಮೊದಲ ಹಂತದಲ್ಲಿ 100 ರೊಟ್ಟಿ ಪ್ಯಾಕೆಟ್‌ಗಳನ್ನು ಕಳುಹಿಸಲಾಗಿದ್ದು, ಪ್ರತಿ ಪ್ಯಾಕೆಟ್‌ನಲ್ಲಿ 10 ರೊಟ್ಟಿಗಳಿವೆ. ಆನ್‌ಲೈನ್ ಮೂಲಕವೂ ಆರ್ಡರ್ ಪಡೆಯಲಾಗುತ್ತಿದೆ. ಬೇಡಿಕೆ ಹೆಚ್ಚಾದಂತೆ ಉತ್ಪಾದನೆ ಹೆಚ್ಚಿಸಲಾಗುವುದು.
ಕಲಬುರಗಿ ರೊಟ್ಟಿ ಈಗಾಗಲೇ ಆನ್‌ಲೈನ್ ನಲ್ಲಿ ಲಭ್ಯವಿದೆ. ಇದೀಗ ವಿದೇಶಕ್ಕೆ ಕಳಿಸಲು ಹೊಸ ಹೆಜ್ಜೆ ಇಡಲಾಗಿದ್ದು, ಈ ಉದ್ಯಮಕ್ಕೆ ಸರ್ಕಾರ ಸದಾ ಬೆಂಬಲ ನೀಡಲಿದೆ. ರೈತರಿಗೆ ಮತ್ತು ಮಹಿಳೆಯರಿಗೆ ಉತ್ತಮ ಆದಾಯ ಸಿಗುತ್ತಿದೆ.
✎ ಪ್ರಿಯಾಂಕ್ ಖರ್ಗೆ, ಉಸ್ತುವಾರಿ ಸಚಿವ, ಕಲಬುರಗಿ
“
ಕಲಬುರಗಿ ರೊಟ್ಟಿ ಬ್ರ್ಯಾಂಡ್ ನಿರ್ಮಾಣಕ್ಕೆ ಜಿಲ್ಲಾಡಳಿತ ಹಲವು ಕ್ರಮ ಕೈಗೊಂಡಿದೆ. ಗುಣಮಟ್ಟದ ಪ್ಯಾಕೇಜಿಂಗ್ ಹಾಗೂ ಮಾರುಕಟ್ಟೆ ಸಂಪರ್ಕ ಕಲ್ಪಿಸಲಾಗಿದೆ. ಮುಂದಿನ ದಿನಗಳಲ್ಲಿ ಇನ್ನಷ್ಟು ದೇಶಗಳಿಗೆ ರಫ್ತು ಮಾಡುವ ಗುರಿ ಇದೆ.
✎ ಫೌಜಿಯಾ ತರನ್ನುಮ್, ಡಿ.ಸಿ.ಕಲಬುರಗಿ
ಕಲಬುರಗಿ ರೊಟ್ಟಿ
10 ರೊಟ್ಟಿ
